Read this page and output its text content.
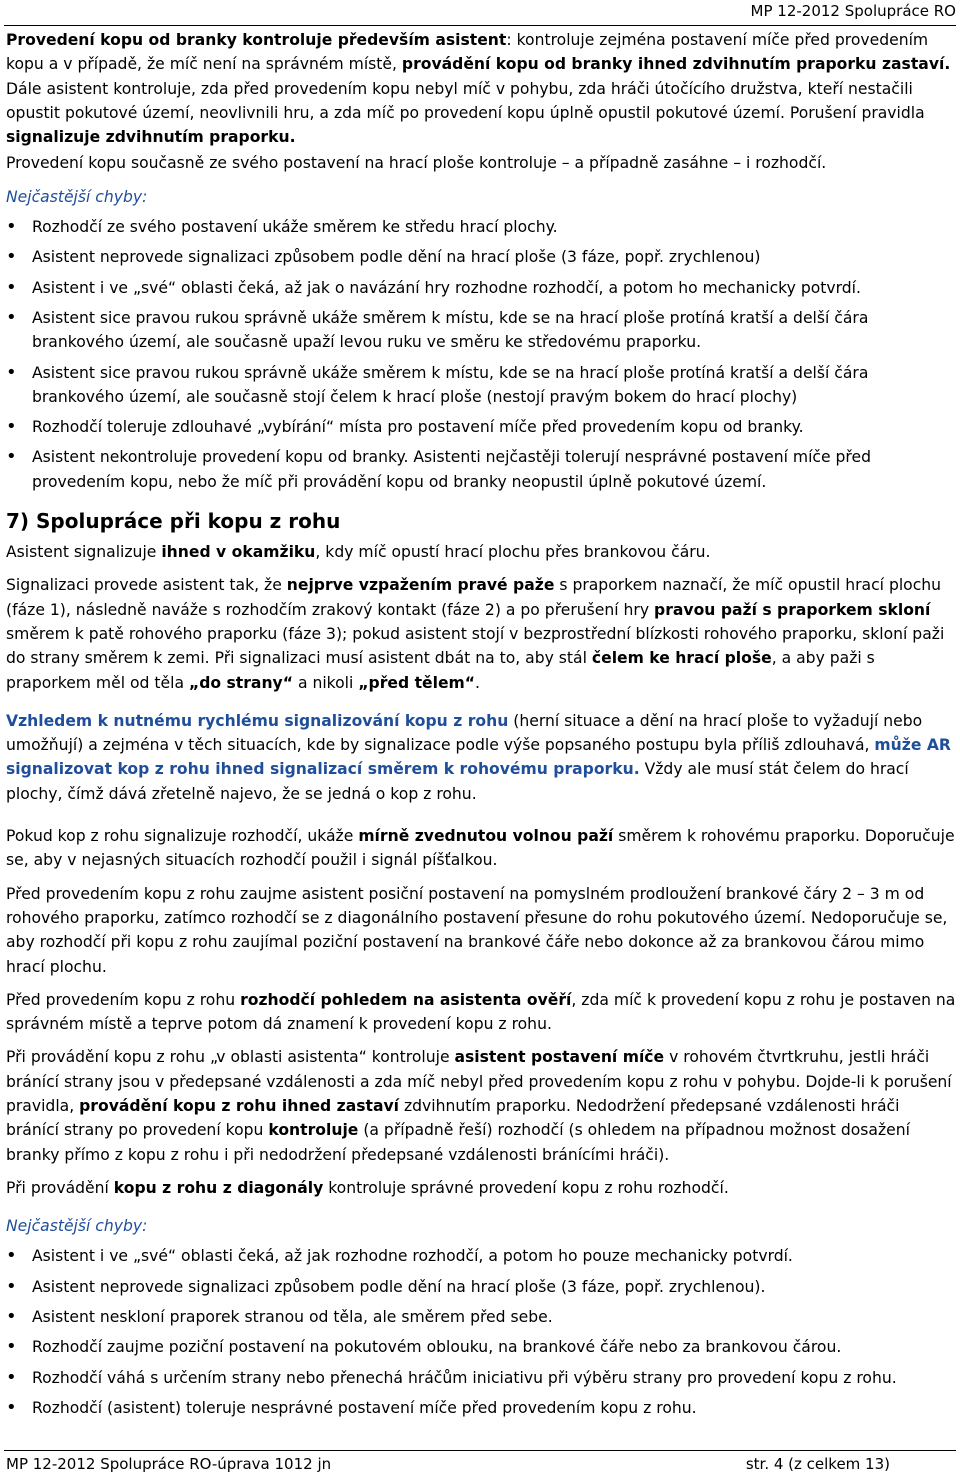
MP 12-2012 Spolupráce RO

Provedení kopu od branky kontroluje především asistent: kontroluje zejména postavení míče před provedením kopu a v případě, že míč není na správném místě, provádění kopu od branky ihned zdvihnutím praporku zastaví. Dále asistent kontroluje, zda před provedením kopu nebyl míč v pohybu, zda hráči útočícího družstva, kteří nestačili opustit pokutové území, neovlivnili hru, a zda míč po provedení kopu úplně opustil pokutové území. Porušení pravidla signalizuje zdvihnutím praporku.

Provedení kopu současně ze svého postavení na hrací ploše kontroluje – a případně zasáhne – i rozhodčí.

Nejčastější chyby:

• Rozhodčí ze svého postavení ukáže směrem ke středu hrací plochy.
• Asistent neprovede signalizaci způsobem podle dění na hrací ploše (3 fáze, popř. zrychlenou)
• Asistent i ve „své“ oblasti čeká, až jak o navázání hry rozhodne rozhodčí, a potom ho mechanicky potvrdí.
• Asistent sice pravou rukou správně ukáže směrem k místu, kde se na hrací ploše protíná kratší a delší čára brankového území, ale současně upaží levou ruku ve směru ke středovému praporku.
• Asistent sice pravou rukou správně ukáže směrem k místu, kde se na hrací ploše protíná kratší a delší čára brankového území, ale současně stojí čelem k hrací ploše (nestojí pravým bokem do hrací plochy)
• Rozhodčí toleruje zdlouhavé „vybírání“ místa pro postavení míče před provedením kopu od branky.
• Asistent nekontroluje provedení kopu od branky. Asistenti nejčastěji tolerují nesprávné postavení míče před provedením kopu, nebo že míč při provádění kopu od branky neopustil úplně pokutové území.
7) Spolupráce při kopu z rohu

Asistent signalizuje ihned v okamžiku, kdy míč opustí hrací plochu přes brankovou čáru.

Signalizaci provede asistent tak, že nejprve vzpažením pravé paže s praporkem naznačí, že míč opustil hrací plochu (fáze 1), následně naváže s rozhodčím zrakový kontakt (fáze 2) a po přerušení hry pravou paží s praporkem skloní směrem k patě rohového praporku (fáze 3); pokud asistent stojí v bezprostřední blízkosti rohového praporku, skloní paži do strany směrem k zemi. Při signalizaci musí asistent dbát na to, aby stál čelem ke hrací ploše, a aby paži s praporkem měl od těla „do strany“ a nikoli „před tělem“.

Vzhledem k nutnému rychlému signalizování kopu z rohu (herní situace a dění na hrací ploše to vyžadují nebo umožňují) a zejména v těch situacích, kde by signalizace podle výše popsaného postupu byla příliš zdlouhavá, může AR signalizovat kop z rohu ihned signalizací směrem k rohovému praporku. Vždy ale musí stát čelem do hrací plochy, čímž dává zřetelně najevo, že se jedná o kop z rohu.

Pokud kop z rohu signalizuje rozhodčí, ukáže mírně zvednutou volnou paží směrem k rohovému praporku. Doporučuje se, aby v nejasných situacích rozhodčí použil i signál píšťalkou.

Před provedením kopu z rohu zaujme asistent posiční postavení na pomyslném prodloužení brankové čáry 2 – 3 m od rohového praporku, zatímco rozhodčí se z diagonálního postavení přesune do rohu pokutového území. Nedoporučuje se, aby rozhodčí při kopu z rohu zaujímal poziční postavení na brankové čáře nebo dokonce až za brankovou čárou mimo hrací plochu.

Před provedením kopu z rohu rozhodčí pohledem na asistenta ověří, zda míč k provedení kopu z rohu je postaven na správném místě a teprve potom dá znamení k provedení kopu z rohu.

Při provádění kopu z rohu „v oblasti asistenta“ kontroluje asistent postavení míče v rohovém čtvrtkruhu, jestli hráči bránící strany jsou v předepsané vzdálenosti a zda míč nebyl před provedením kopu z rohu v pohybu. Dojde-li k porušení pravidla, provádění kopu z rohu ihned zastaví zdvihnutím praporku. Nedodržení předepsané vzdálenosti hráči bránící strany po provedení kopu kontroluje (a případně řeší) rozhodčí (s ohledem na případnou možnost dosažení branky přímo z kopu z rohu i při nedodržení předepsané vzdálenosti bránícími hráči).

Při provádění kopu z rohu z diagonály kontroluje správné provedení kopu z rohu rozhodčí.

Nejčastější chyby:

• Asistent i ve „své“ oblasti čeká, až jak rozhodne rozhodčí, a potom ho pouze mechanicky potvrdí.
• Asistent neprovede signalizaci způsobem podle dění na hrací ploše (3 fáze, popř. zrychlenou).
• Asistent neskloní praporek stranou od těla, ale směrem před sebe.
• Rozhodčí zaujme poziční postavení na pokutovém oblouku, na brankové čáře nebo za brankovou čárou.
• Rozhodčí váhá s určením strany nebo přenechá hráčům iniciativu při výběru strany pro provedení kopu z rohu.
• Rozhodčí (asistent) toleruje nesprávné postavení míče před provedením kopu z rohu.
MP 12-2012 Spolupráce RO-úprava 1012 jn	str. 4 (z celkem 13)
